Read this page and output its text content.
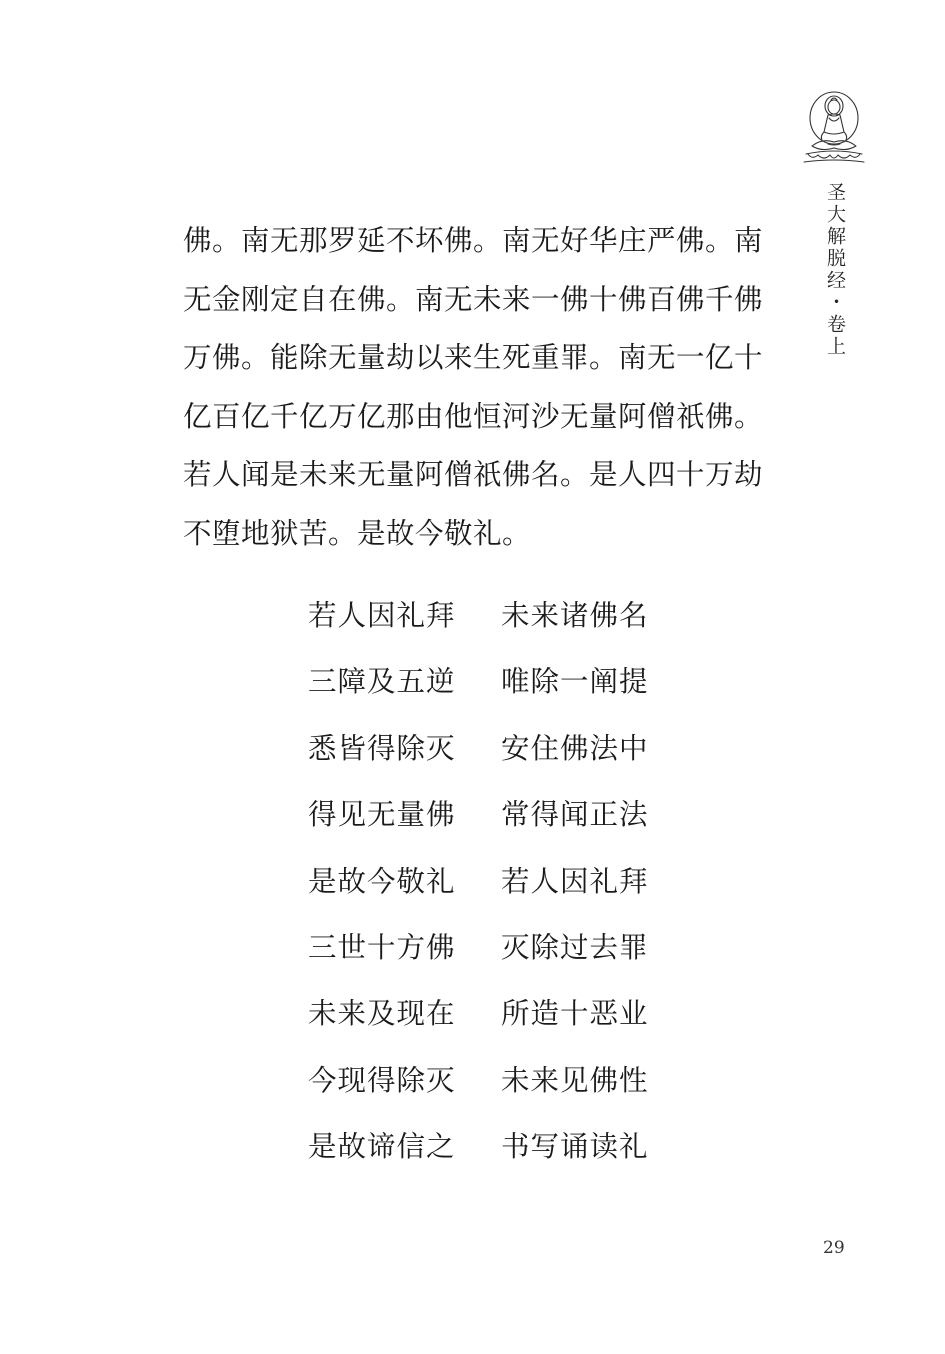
圣大解脱经・卷上
佛。南无那罗延不坏佛。南无好华庄严佛。南
无金刚定自在佛。南无未来一佛十佛百佛千佛
万佛。能除无量劫以来生死重罪。南无一亿十
亿百亿千亿万亿那由他恒河沙无量阿僧祇佛。
若人闻是未来无量阿僧祇佛名。是人四十万劫
不堕地狱苦。是故今敬礼。
若人因礼拜 未来诸佛名
三障及五逆 唯除一阐提
悉皆得除灭 安住佛法中
得见无量佛 常得闻正法
是故今敬礼 若人因礼拜
三世十方佛 灭除过去罪
未来及现在 所造十恶业
今现得除灭 未来见佛性
是故谛信之 书写诵读礼
29
